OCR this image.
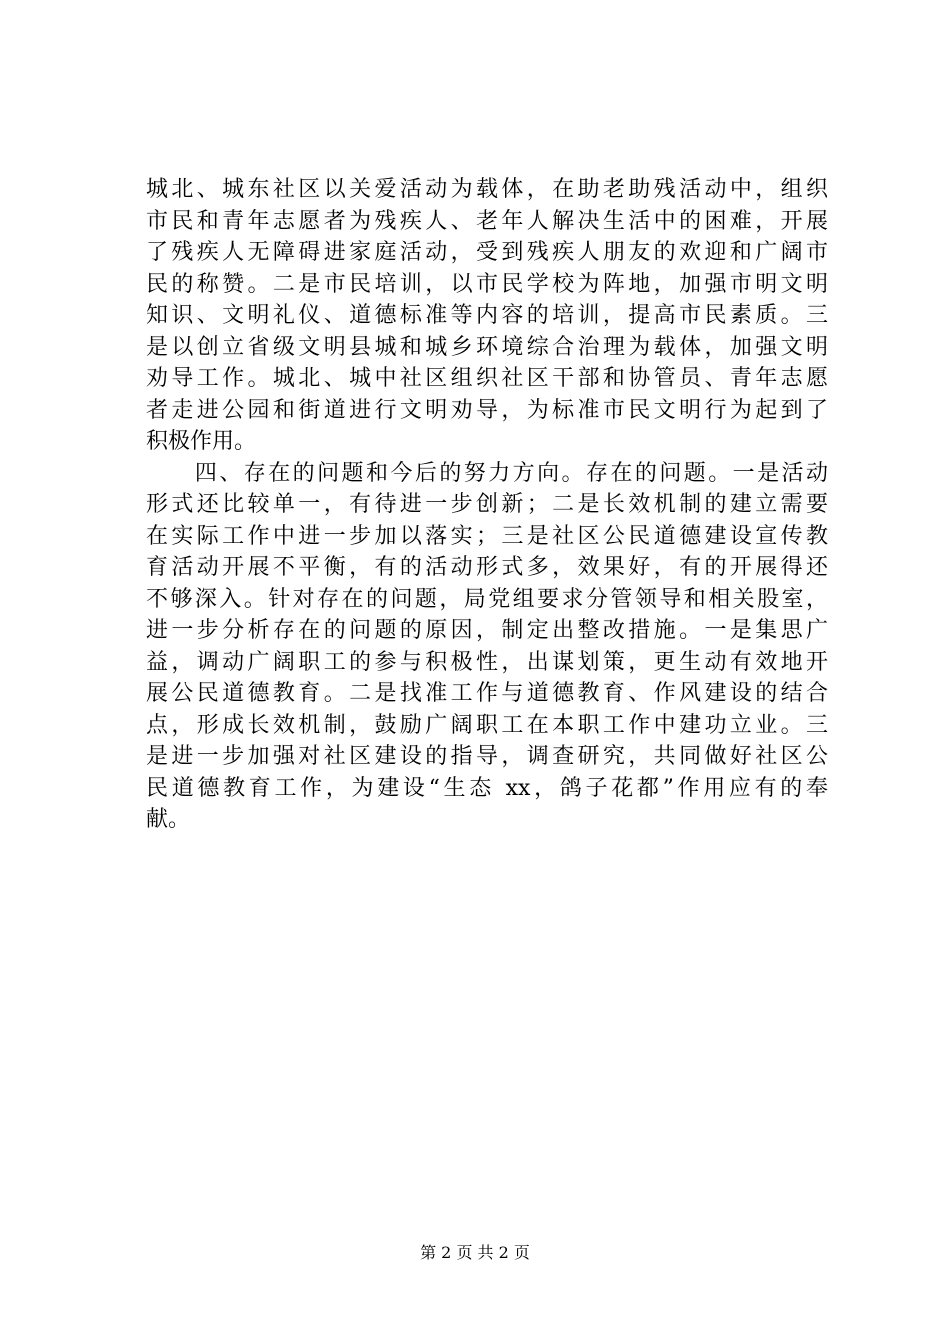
城北、城东社区以关爱活动为载体，在助老助残活动中，组织
市民和青年志愿者为残疾人、老年人解决生活中的困难，开展
了残疾人无障碍进家庭活动，受到残疾人朋友的欢迎和广阔市
民的称赞。二是市民培训，以市民学校为阵地，加强市明文明
知识、文明礼仪、道德标准等内容的培训，提高市民素质。三
是以创立省级文明县城和城乡环境综合治理为载体，加强文明
劝导工作。城北、城中社区组织社区干部和协管员、青年志愿
者走进公园和街道进行文明劝导，为标准市民文明行为起到了
积极作用。
　　四、存在的问题和今后的努力方向。存在的问题。一是活动
形式还比较单一，有待进一步创新；二是长效机制的建立需要
在实际工作中进一步加以落实；三是社区公民道德建设宣传教
育活动开展不平衡，有的活动形式多，效果好，有的开展得还
不够深入。针对存在的问题，局党组要求分管领导和相关股室，
进一步分析存在的问题的原因，制定出整改措施。一是集思广
益，调动广阔职工的参与积极性，出谋划策，更生动有效地开
展公民道德教育。二是找准工作与道德教育、作风建设的结合
点，形成长效机制，鼓励广阔职工在本职工作中建功立业。三
是进一步加强对社区建设的指导，调查研究，共同做好社区公
民道德教育工作，为建设“生态 xx，鸽子花都”作用应有的奉
献。
第 2 页 共 2 页
